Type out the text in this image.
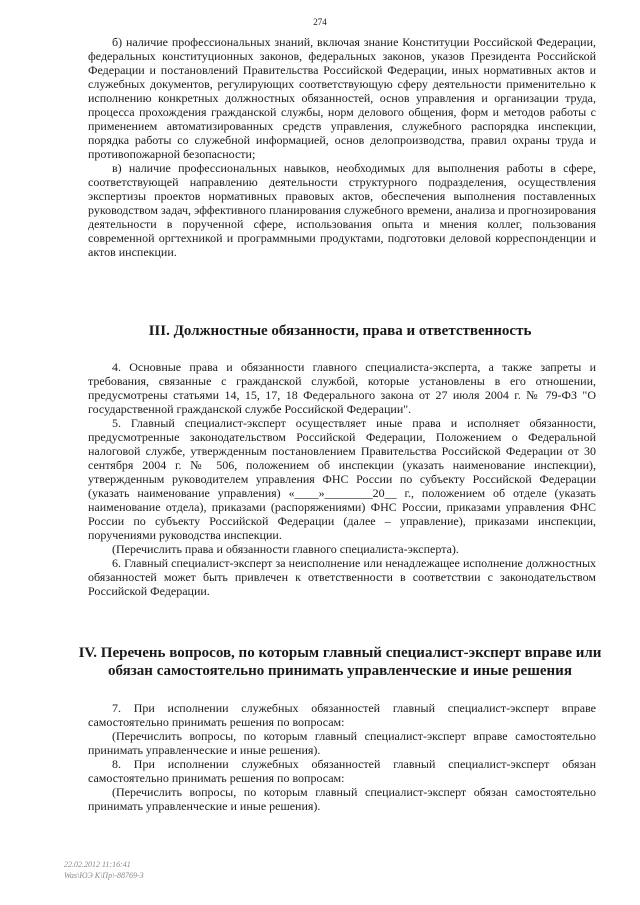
274

б) наличие профессиональных знаний, включая знание Конституции Российской Федерации, федеральных конституционных законов, федеральных законов, указов Президента Российской Федерации и постановлений Правительства Российской Федерации, иных нормативных актов и служебных документов, регулирующих соответствующую сферу деятельности применительно к исполнению конкретных должностных обязанностей, основ управления и организации труда, процесса прохождения гражданской службы, норм делового общения, форм и методов работы с применением автоматизированных средств управления, служебного распорядка инспекции, порядка работы со служебной информацией, основ делопроизводства, правил охраны труда и противопожарной безопасности;

в) наличие профессиональных навыков, необходимых для выполнения работы в сфере, соответствующей направлению деятельности структурного подразделения, осуществления экспертизы проектов нормативных правовых актов, обеспечения выполнения поставленных руководством задач, эффективного планирования служебного времени, анализа и прогнозирования деятельности в порученной сфере, использования опыта и мнения коллег, пользования современной оргтехникой и программными продуктами, подготовки деловой корреспонденции и актов инспекции.

III. Должностные обязанности, права и ответственность

4. Основные права и обязанности главного специалиста-эксперта, а также запреты и требования, связанные с гражданской службой, которые установлены в его отношении, предусмотрены статьями 14, 15, 17, 18 Федерального закона от 27 июля 2004 г. № 79-ФЗ "О государственной гражданской службе Российской Федерации".

5. Главный специалист-эксперт осуществляет иные права и исполняет обязанности, предусмотренные законодательством Российской Федерации, Положением о Федеральной налоговой службе, утвержденным постановлением Правительства Российской Федерации от 30 сентября 2004 г. № 506, положением об инспекции (указать наименование инспекции), утвержденным руководителем управления ФНС России по субъекту Российской Федерации (указать наименование управления) «____»________20__ г., положением об отделе (указать наименование отдела), приказами (распоряжениями) ФНС России, приказами управления ФНС России по субъекту Российской Федерации (далее – управление), приказами инспекции, поручениями руководства инспекции.

(Перечислить права и обязанности главного специалиста-эксперта).

6. Главный специалист-эксперт за неисполнение или ненадлежащее исполнение должностных обязанностей может быть привлечен к ответственности в соответствии с законодательством Российской Федерации.

IV. Перечень вопросов, по которым главный специалист-эксперт вправе или
обязан самостоятельно принимать управленческие и иные решения

7. При исполнении служебных обязанностей главный специалист-эксперт вправе самостоятельно принимать решения по вопросам:

(Перечислить вопросы, по которым главный специалист-эксперт вправе самостоятельно принимать управленческие и иные решения).

8. При исполнении служебных обязанностей главный специалист-эксперт обязан самостоятельно принимать решения по вопросам:

(Перечислить вопросы, по которым главный специалист-эксперт обязан самостоятельно принимать управленческие и иные решения).

22.02.2012 11:16:41
Was\ЮЭ К\Пр\-88769-3
